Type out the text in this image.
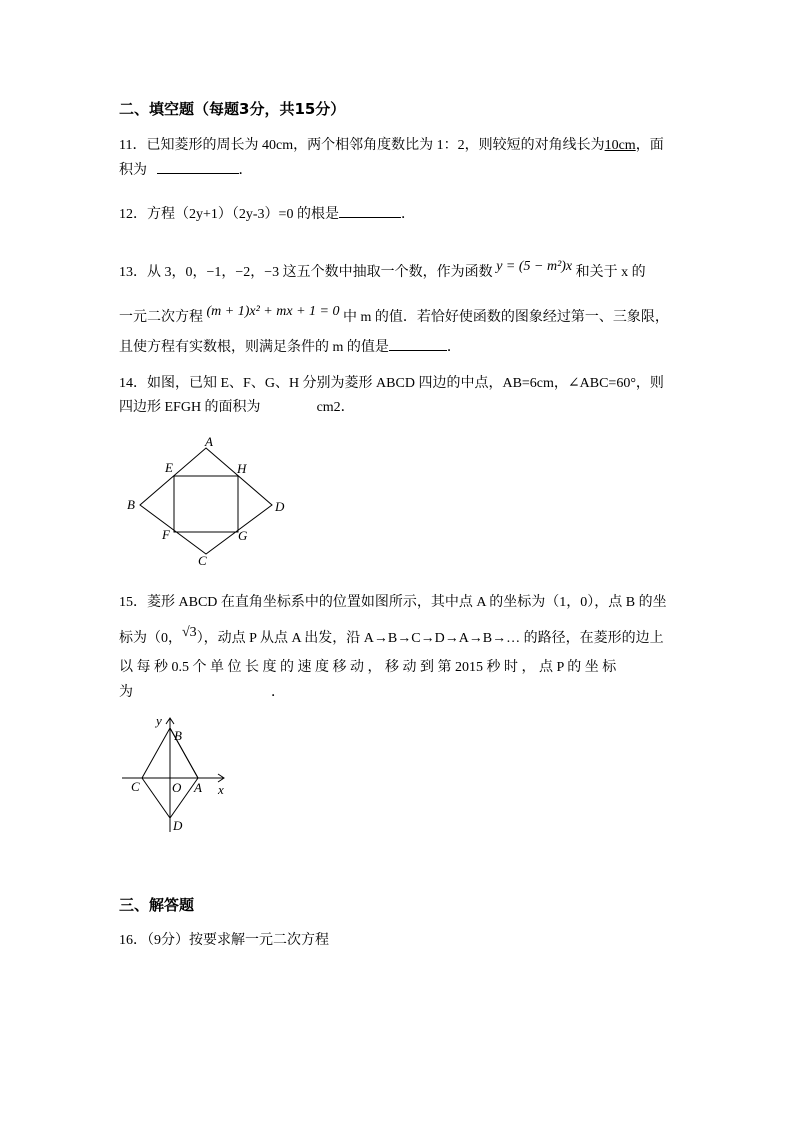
二、填空题（每题3分，共15分）
11．已知菱形的周长为 40cm，两个相邻角度数比为 1：2，则较短的对角线长为10cm，面
积为	．
12．方程（2y+1）（2y-3）=0 的根是	．
13．从 3，0，−1，−2，−3 这五个数中抽取一个数，作为函数 y = (5 − m²)x 和关于 x 的
一元二次方程 (m + 1)x² + mx + 1 = 0 中 m 的值．若恰好使函数的图象经过第一、三象限，
且使方程有实数根，则满足条件的 m 的值是	．
14．如图，已知 E、F、G、H 分别为菱形 ABCD 四边的中点，AB=6cm，∠ABC=60°，则
四边形 EFGH 的面积为	cm2．
A
B
C
D
E
F	G
H
15．菱形 ABCD 在直角坐标系中的位置如图所示，其中点 A 的坐标为（1，0），点 B 的坐
标为（0，√3），动点 P 从点 A 出发，沿 A→B→C→D→A→B→… 的路径，在菱形的边上
以 每 秒 0.5 个 单 位 长 度 的 速 度 移 动 ， 移 动 到 第 2015 秒 时 ， 点 P 的 坐 标
为	．
y
x
B
C O A
D
三、解答题
16．（9分）按要求解一元二次方程
